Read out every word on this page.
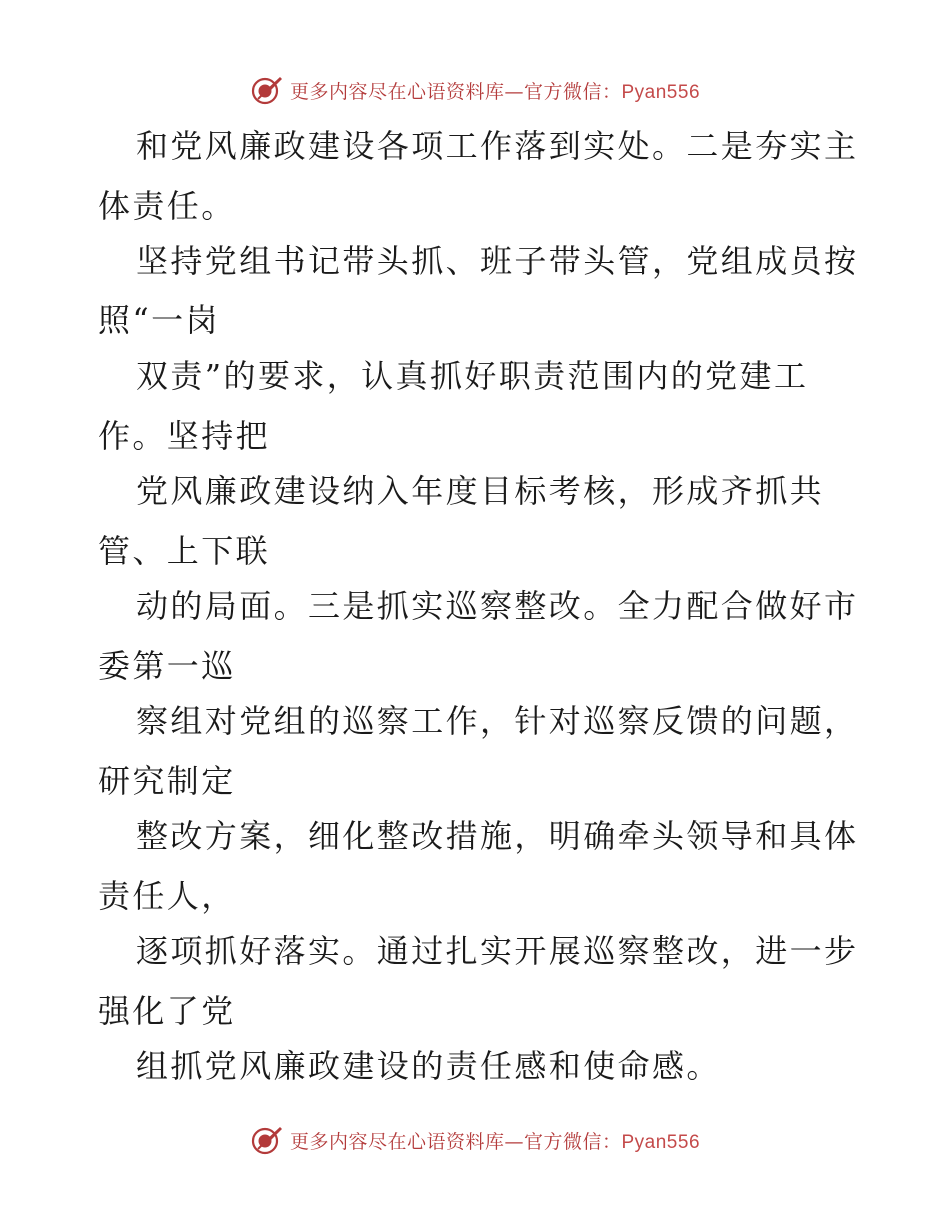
更多内容尽在心语资料库—官方微信：Pyan556
和党风廉政建设各项工作落到实处。二是夯实主
体责任。
坚持党组书记带头抓、班子带头管，党组成员按
照“一岗
双责”的要求，认真抓好职责范围内的党建工
作。坚持把
党风廉政建设纳入年度目标考核，形成齐抓共
管、上下联
动的局面。三是抓实巡察整改。全力配合做好市
委第一巡
察组对党组的巡察工作，针对巡察反馈的问题，
研究制定
整改方案，细化整改措施，明确牵头领导和具体
责任人，
逐项抓好落实。通过扎实开展巡察整改，进一步
强化了党
组抓党风廉政建设的责任感和使命感。
更多内容尽在心语资料库—官方微信：Pyan556
